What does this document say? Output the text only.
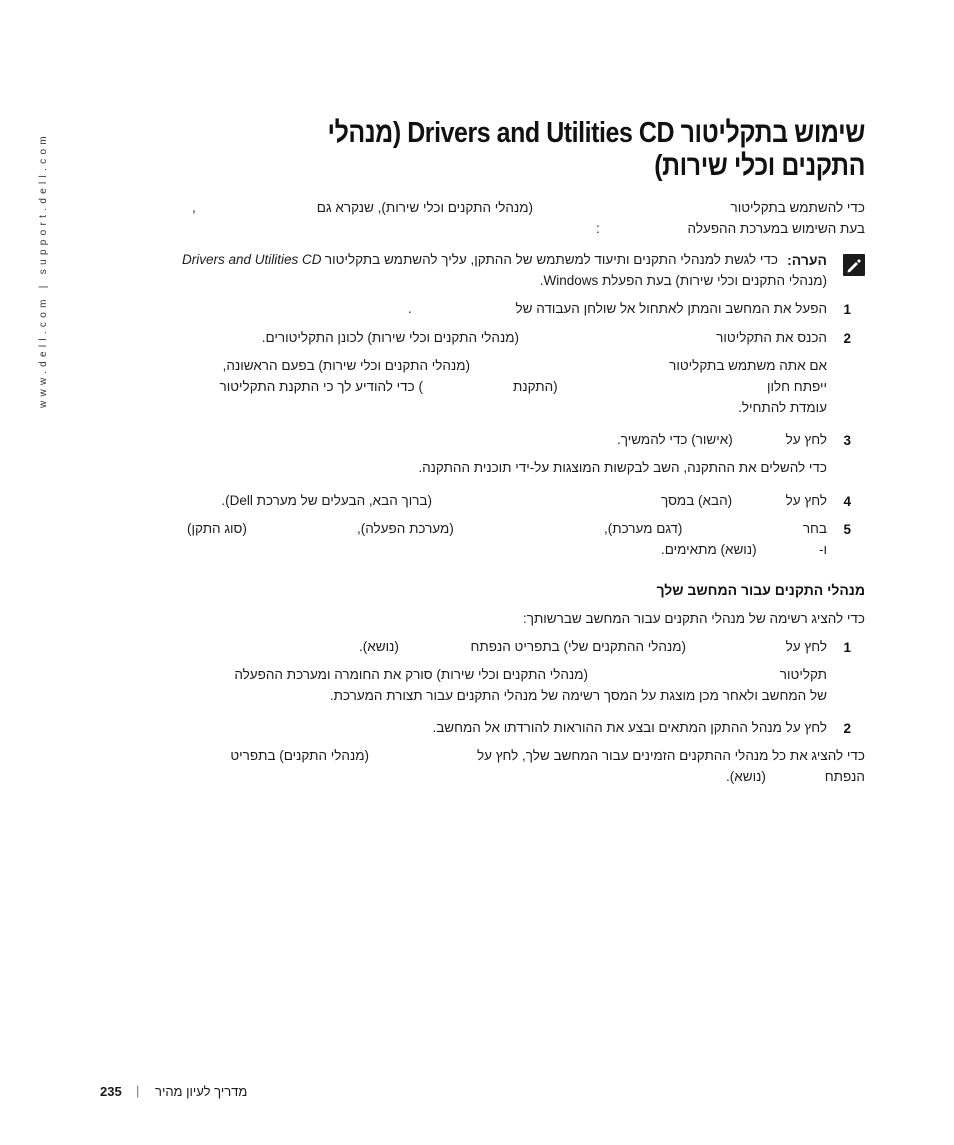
www.dell.com | support.dell.com	שימוש בתקליטור Drivers and Utilities CD (מנהלי
התקנים וכלי שירות)
כדי להשתמש בתקליטור
(מנהלי התקנים וכלי שירות), שנקרא גם
,
בעת השימוש במערכת ההפעלה
:
הערה:
כדי לגשת למנהלי התקנים ותיעוד למשתמש של ההתקן, עליך להשתמש בתקליטור
Drivers and Utilities CD
(מנהלי התקנים וכלי שירות) בעת הפעלת Windows.
1
הפעל את המחשב והמתן לאתחול אל שולחן העבודה של
.
2
הכנס את התקליטור
(מנהלי התקנים וכלי שירות) לכונן התקליטורים.
אם אתה משתמש בתקליטור
(מנהלי התקנים וכלי שירות) בפעם הראשונה,
ייפתח חלון
(התקנת
) כדי להודיע לך כי התקנת התקליטור
עומדת להתחיל.
3
לחץ על
(אישור) כדי להמשיך.
כדי להשלים את ההתקנה, השב לבקשות המוצגות על-ידי תוכנית ההתקנה.
4
לחץ על
(הבא) במסך
(ברוך הבא, הבעלים של מערכת Dell).
5
בחר
(דגם מערכת),
(מערכת הפעלה),
(סוג התקן)
ו-
(נושא) מתאימים.
מנהלי התקנים עבור המחשב שלך
כדי להציג רשימה של מנהלי התקנים עבור המחשב שברשותך:
1
לחץ על
(מנהלי ההתקנים שלי) בתפריט הנפתח
(נושא).
תקליטור
(מנהלי התקנים וכלי שירות) סורק את החומרה ומערכת ההפעלה
של המחשב ולאחר מכן מוצגת על המסך רשימה של מנהלי התקנים עבור תצורת המערכת.
2
לחץ על מנהל ההתקן המתאים ובצע את ההוראות להורדתו אל המחשב.
כדי להציג את כל מנהלי ההתקנים הזמינים עבור המחשב שלך, לחץ על
(מנהלי התקנים) בתפריט
הנפתח
(נושא).
235 | מדריך לעיון מהיר
